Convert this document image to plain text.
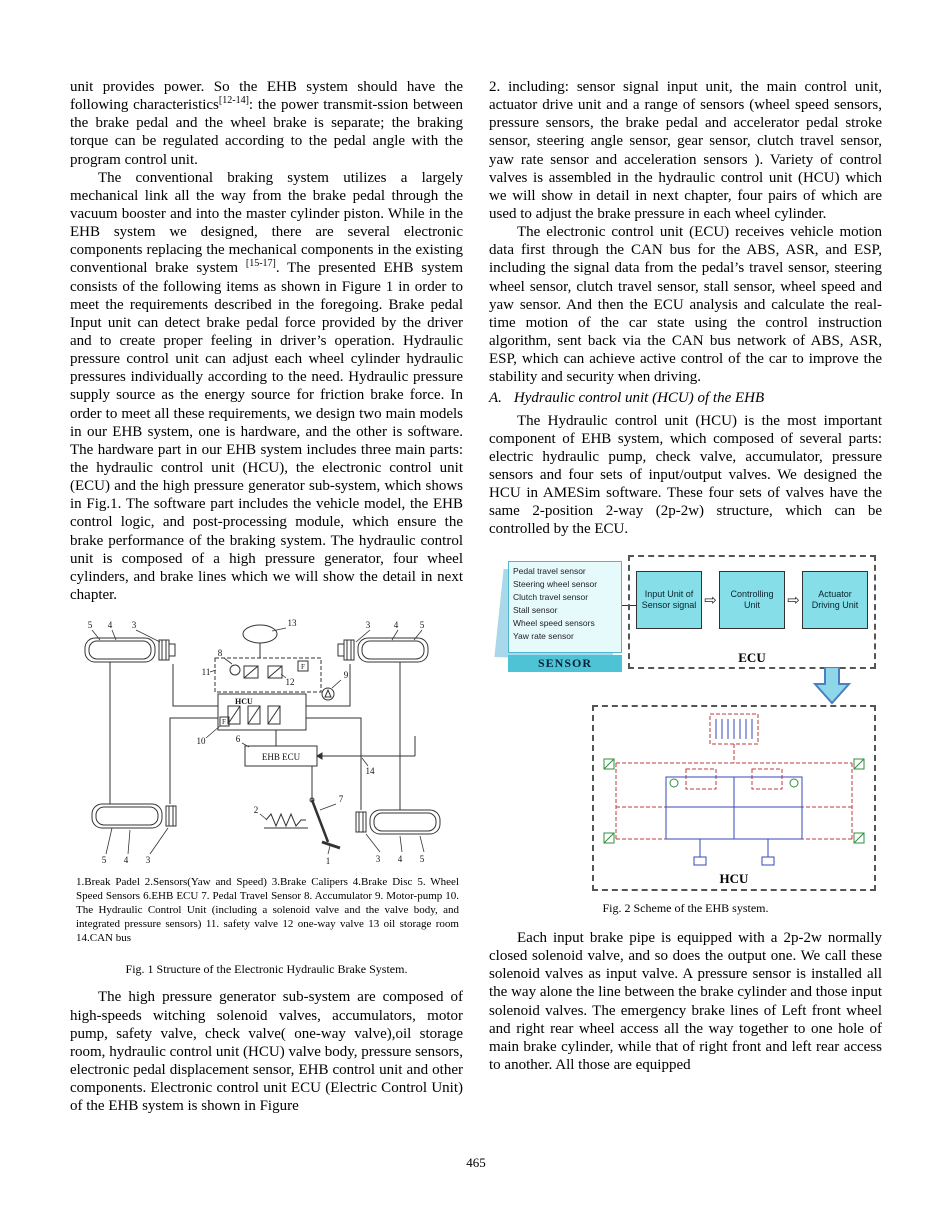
unit provides power. So the EHB system should have the following characteristics[12-14]: the power transmit-ssion between the brake pedal and the wheel brake is separate; the braking torque can be regulated according to the pedal angle with the program control unit.

The conventional braking system utilizes a largely mechanical link all the way from the brake pedal through the vacuum booster and into the master cylinder piston. While in the EHB system we designed, there are several electronic components replacing the mechanical components in the existing conventional brake system [15-17]. The presented EHB system consists of the following items as shown in Figure 1 in order to meet the requirements described in the foregoing. Brake pedal Input unit can detect brake pedal force provided by the driver and to create proper feeling in driver’s operation. Hydraulic pressure control unit can adjust each wheel cylinder hydraulic pressures individually according to the need. Hydraulic pressure supply source as the energy source for friction brake force. In order to meet all these requirements, we design two main models in our EHB system, one is hardware, and the other is software. The hardware part in our EHB system includes three main parts: the hydraulic control unit (HCU), the electronic control unit (ECU) and the high pressure generator sub-system, which shows in Fig.1. The software part includes the vehicle model, the EHB control logic, and post-processing module, which ensure the brake performance of the braking system. The hydraulic control unit is composed of a high pressure generator, four wheel cylinders, and brake lines which we will show the detail in next chapter.

5 4 3	3	4 5
13
8
11
12
9
10	6
14
2
1
7
5 4 3	3 4 5
F
F
HCU
EHB ECU
1.Break Padel 2.Sensors(Yaw and Speed) 3.Brake Calipers 4.Brake Disc 5. Wheel Speed Sensors 6.EHB ECU 7. Pedal Travel Sensor 8. Accumulator 9. Motor-pump 10. The Hydraulic Control Unit (including a solenoid valve and the valve body, and integrated pressure sensors) 11. safety valve 12 one-way valve 13 oil storage room 14.CAN bus
Fig. 1 Structure of the Electronic Hydraulic Brake System.

The high pressure generator sub-system are composed of high-speeds witching solenoid valves, accumulators, motor pump, safety valve, check valve( one-way valve),oil storage room, hydraulic control unit (HCU) valve body, pressure sensors, electronic pedal displacement sensor, EHB control unit and other components. Electronic control unit ECU (Electric Control Unit) of the EHB system is shown in Figure

2. including: sensor signal input unit, the main control unit, actuator drive unit and a range of sensors (wheel speed sensors, pressure sensors, the brake pedal and accelerator pedal stroke sensor, steering angle sensor, gear sensor, clutch travel sensor, yaw rate sensor and acceleration sensors ). Variety of control valves is assembled in the hydraulic control unit (HCU) which we will show in detail in next chapter, four pairs of which are used to adjust the brake pressure in each wheel cylinder.

The electronic control unit (ECU) receives vehicle motion data first through the CAN bus for the ABS, ASR, and ESP, including the signal data from the pedal’s travel sensor, steering wheel sensor, clutch travel sensor, stall sensor, wheel speed and yaw sensor. And then the ECU analysis and calculate the real-time motion of the car state using the control instruction algorithm, sent back via the CAN bus network of ABS, ASR, ESP, which can achieve active control of the car to improve the stability and security when driving.

A. Hydraulic control unit (HCU) of the EHB

The Hydraulic control unit (HCU) is the most important component of EHB system, which composed of several parts: electric hydraulic pump, check valve, accumulator, pressure sensors and four sets of input/output valves. We designed the HCU in AMESim software. These four sets of valves have the same 2-position 2-way (2p-2w) structure, which can be controlled by the ECU.

Pedal travel sensor
Steering wheel sensor
Clutch travel sensor
Stall sensor
Wheel speed sensors
Yaw rate sensor
SENSOR
Input Unit of Sensor signal ⇨	Controlling Unit	⇨	Actuator Driving Unit
ECU
HCU
Fig. 2 Scheme of the EHB system.

Each input brake pipe is equipped with a 2p-2w normally closed solenoid valve, and so does the output one. We call these solenoid valves as input valve. A pressure sensor is installed all the way alone the line between the brake cylinder and those input solenoid valves. The emergency brake lines of Left front wheel and right rear wheel access all the way together to one hole of main brake cylinder, while that of right front and left rear access to another. All those are equipped

465
